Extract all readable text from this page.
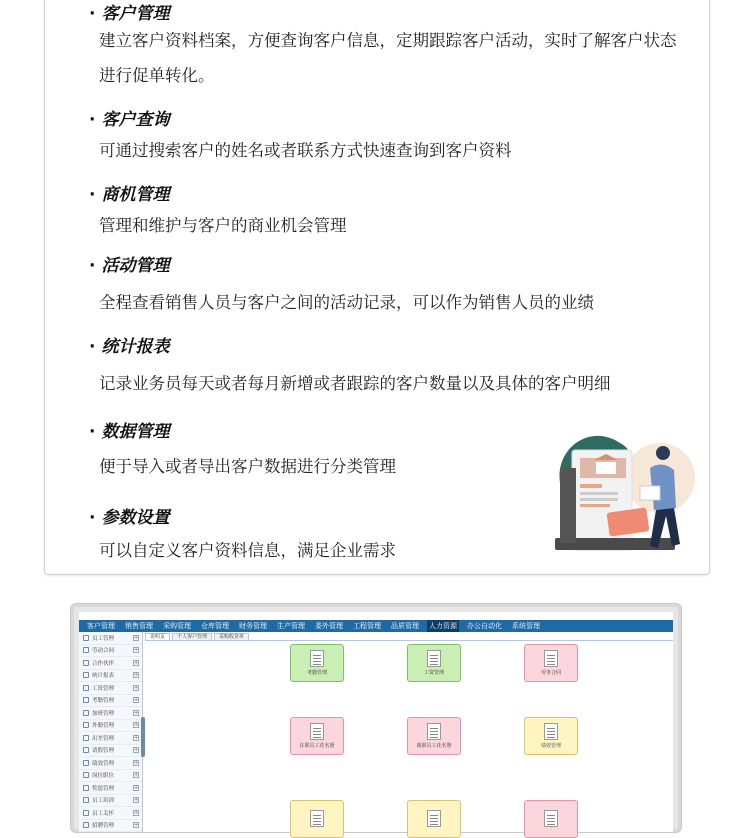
· 客户管理
建立客户资料档案，方便查询客户信息，定期跟踪客户活动，实时了解客户状态进行促单转化。
· 客户查询
可通过搜索客户的姓名或者联系方式快速查询到客户资料
· 商机管理
管理和维护与客户的商业机会管理
· 活动管理
全程查看销售人员与客户之间的活动记录，可以作为销售人员的业绩
· 统计报表
记录业务员每天或者每月新增或者跟踪的客户数量以及具体的客户明细
· 数据管理
便于导入或者导出客户数据进行分类管理
· 参数设置
可以自定义客户资料信息，满足企业需求
客户管理 销售管理 采购管理 仓库管理 财务管理 生产管理 委外管理 工程管理 品质管理 人力资源 办公自动化 系统管理
员工管理	+
劳动合同	+
合作伙伴	+
统计报表	+
工资管理	+
考勤管理	+
加班管理	+
外勤管理	+
出差管理	+
请假管理	+
绩效管理	+
岗位职位	+
奖惩管理	+
员工培训	+
员工关怀	+
招聘管理	+
说明页	个人客户管理	采购收货单
考勤管理	工资管理	劳务合同
在职员工花名册	离职员工花名册	绩效管理
